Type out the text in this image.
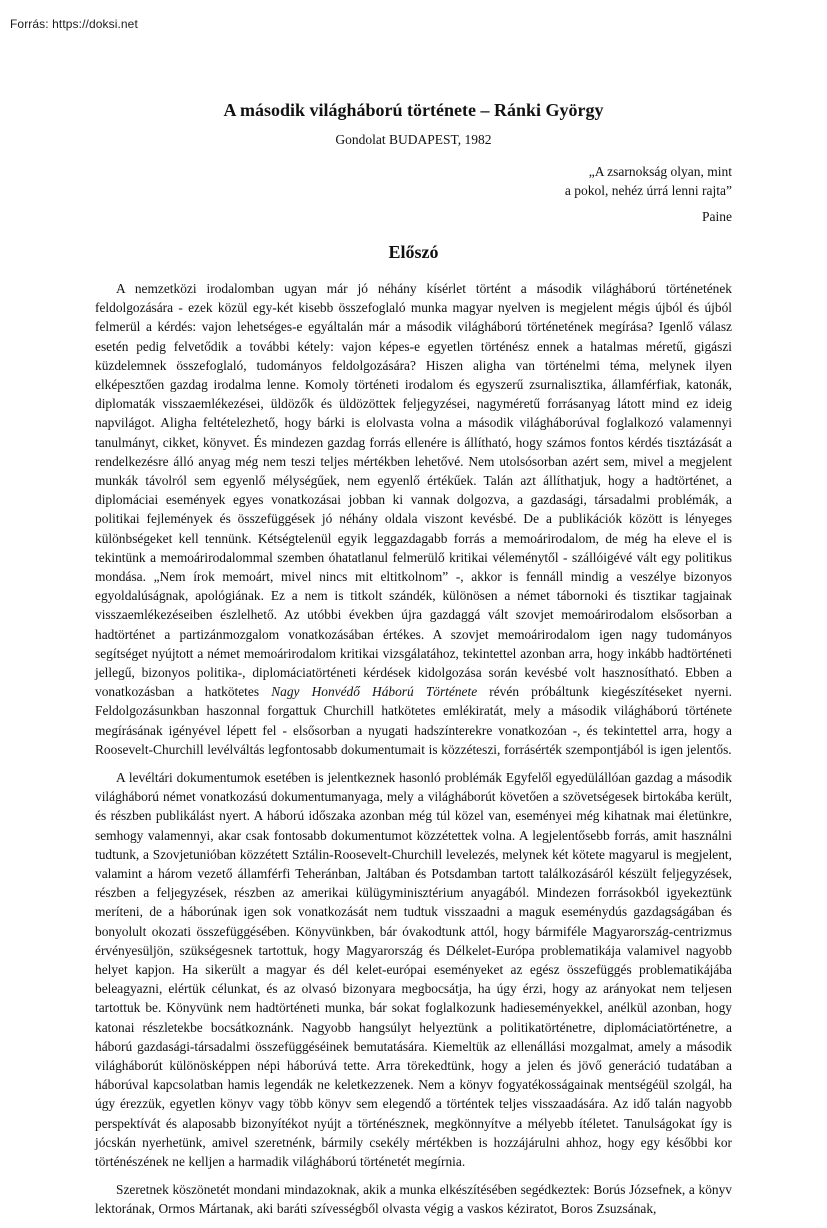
Forrás: https://doksi.net
A második világháború története – Ránki György
Gondolat BUDAPEST, 1982
„A zsarnokság olyan, mint
a pokol, nehéz úrrá lenni rajta”
Paine
Előszó

A nemzetközi irodalomban ugyan már jó néhány kísérlet történt a második világháború történetének feldolgozására - ezek közül egy-két kisebb összefoglaló munka magyar nyelven is megjelent mégis újból és újból felmerül a kérdés: vajon lehetséges-e egyáltalán már a második világháború történetének megírása? Igenlő válasz esetén pedig felvetődik a további kétely: vajon képes-e egyetlen történész ennek a hatalmas méretű, gigászi küzdelemnek összefoglaló, tudományos feldolgozására? Hiszen aligha van történelmi téma, melynek ilyen elképesztően gazdag irodalma lenne. Komoly történeti irodalom és egyszerű zsurnalisztika, államférfiak, katonák, diplomaták visszaemlékezései, üldözők és üldözöttek feljegyzései, nagyméretű forrásanyag látott mind ez ideig napvilágot. Aligha feltételezhető, hogy bárki is elolvasta volna a második világháborúval foglalkozó valamennyi tanulmányt, cikket, könyvet. És mindezen gazdag forrás ellenére is állítható, hogy számos fontos kérdés tisztázását a rendelkezésre álló anyag még nem teszi teljes mértékben lehetővé. Nem utolsósorban azért sem, mivel a megjelent munkák távolról sem egyenlő mélységűek, nem egyenlő értékűek. Talán azt állíthatjuk, hogy a hadtörténet, a diplomáciai események egyes vonatkozásai jobban ki vannak dolgozva, a gazdasági, társadalmi problémák, a politikai fejlemények és összefüggések jó néhány oldala viszont kevésbé. De a publikációk között is lényeges különbségeket kell tennünk. Kétségtelenül egyik leggazdagabb forrás a memoárirodalom, de még ha eleve el is tekintünk a memoárirodalommal szemben óhatatlanul felmerülő kritikai véleménytől - szállóigévé vált egy politikus mondása. „Nem írok memoárt, mivel nincs mit eltitkolnom” -, akkor is fennáll mindig a veszélye bizonyos egyoldalúságnak, apológiának. Ez a nem is titkolt szándék, különösen a német tábornoki és tisztikar tagjainak visszaemlékezéseiben észlelhető. Az utóbbi években újra gazdaggá vált szovjet memoárirodalom elsősorban a hadtörténet a partizánmozgalom vonatkozásában értékes. A szovjet memoárirodalom igen nagy tudományos segítséget nyújtott a német memoárirodalom kritikai vizsgálatához, tekintettel azonban arra, hogy inkább hadtörténeti jellegű, bizonyos politika-, diplomáciatörténeti kérdések kidolgozása során kevésbé volt hasznosítható. Ebben a vonatkozásban a hatkötetes Nagy Honvédő Háború Története révén próbáltunk kiegészítéseket nyerni. Feldolgozásunkban haszonnal forgattuk Churchill hatkötetes emlékiratát, mely a második világháború története megírásának igényével lépett fel - elsősorban a nyugati hadszínterekre vonatkozóan -, és tekintettel arra, hogy a Roosevelt-Churchill levélváltás legfontosabb dokumentumait is közzéteszi, forrásérték szempontjából is igen jelentős.

A levéltári dokumentumok esetében is jelentkeznek hasonló problémák Egyfelől egyedülállóan gazdag a második világháború német vonatkozású dokumentumanyaga, mely a világháborút követően a szövetségesek birtokába került, és részben publikálást nyert. A háború időszaka azonban még túl közel van, eseményei még kihatnak mai életünkre, semhogy valamennyi, akar csak fontosabb dokumentumot közzétettek volna. A legjelentősebb forrás, amit használni tudtunk, a Szovjetunióban közzétett Sztálin-Roosevelt-Churchill levelezés, melynek két kötete magyarul is megjelent, valamint a három vezető államférfi Teheránban, Jaltában és Potsdamban tartott találkozásáról készült feljegyzések, részben a feljegyzések, részben az amerikai külügyminisztérium anyagából. Mindezen forrásokból igyekeztünk meríteni, de a háborúnak igen sok vonatkozását nem tudtuk visszaadni a maguk eseménydús gazdagságában és bonyolult okozati összefüggésében. Könyvünkben, bár óvakodtunk attól, hogy bármiféle Magyarország-centrizmus érvényesüljön, szükségesnek tartottuk, hogy Magyarország és Délkelet-Európa problematikája valamivel nagyobb helyet kapjon. Ha sikerült a magyar és dél kelet-európai eseményeket az egész összefüggés problematikájába beleagyazni, elértük célunkat, és az olvasó bizonyara megbocsátja, ha úgy érzi, hogy az arányokat nem teljesen tartottuk be. Könyvünk nem hadtörténeti munka, bár sokat foglalkozunk hadieseményekkel, anélkül azonban, hogy katonai részletekbe bocsátkoznánk. Nagyobb hangsúlyt helyeztünk a politikatörténetre, diplomáciatörténetre, a háború gazdasági-társadalmi összefüggéséinek bemutatására. Kiemeltük az ellenállási mozgalmat, amely a második világháborút különösképpen népi háborúvá tette. Arra törekedtünk, hogy a jelen és jövő generáció tudatában a háborúval kapcsolatban hamis legendák ne keletkezzenek. Nem a könyv fogyatékosságainak mentségéül szolgál, ha úgy érezzük, egyetlen könyv vagy több könyv sem elegendő a történtek teljes visszaadására. Az idő talán nagyobb perspektívát és alaposabb bizonyítékot nyújt a történésznek, megkönnyítve a mélyebb ítéletet. Tanulságokat így is jócskán nyerhetünk, amivel szeretnénk, bármily csekély mértékben is hozzájárulni ahhoz, hogy egy későbbi kor történészének ne kelljen a harmadik világháború történetét megírnia.

Szeretnek köszönetét mondani mindazoknak, akik a munka elkészítésében segédkeztek: Borús Józsefnek, a könyv lektorának, Ormos Mártanak, aki baráti szívességből olvasta végig a vaskos kéziratot, Boros Zsuzsának,
